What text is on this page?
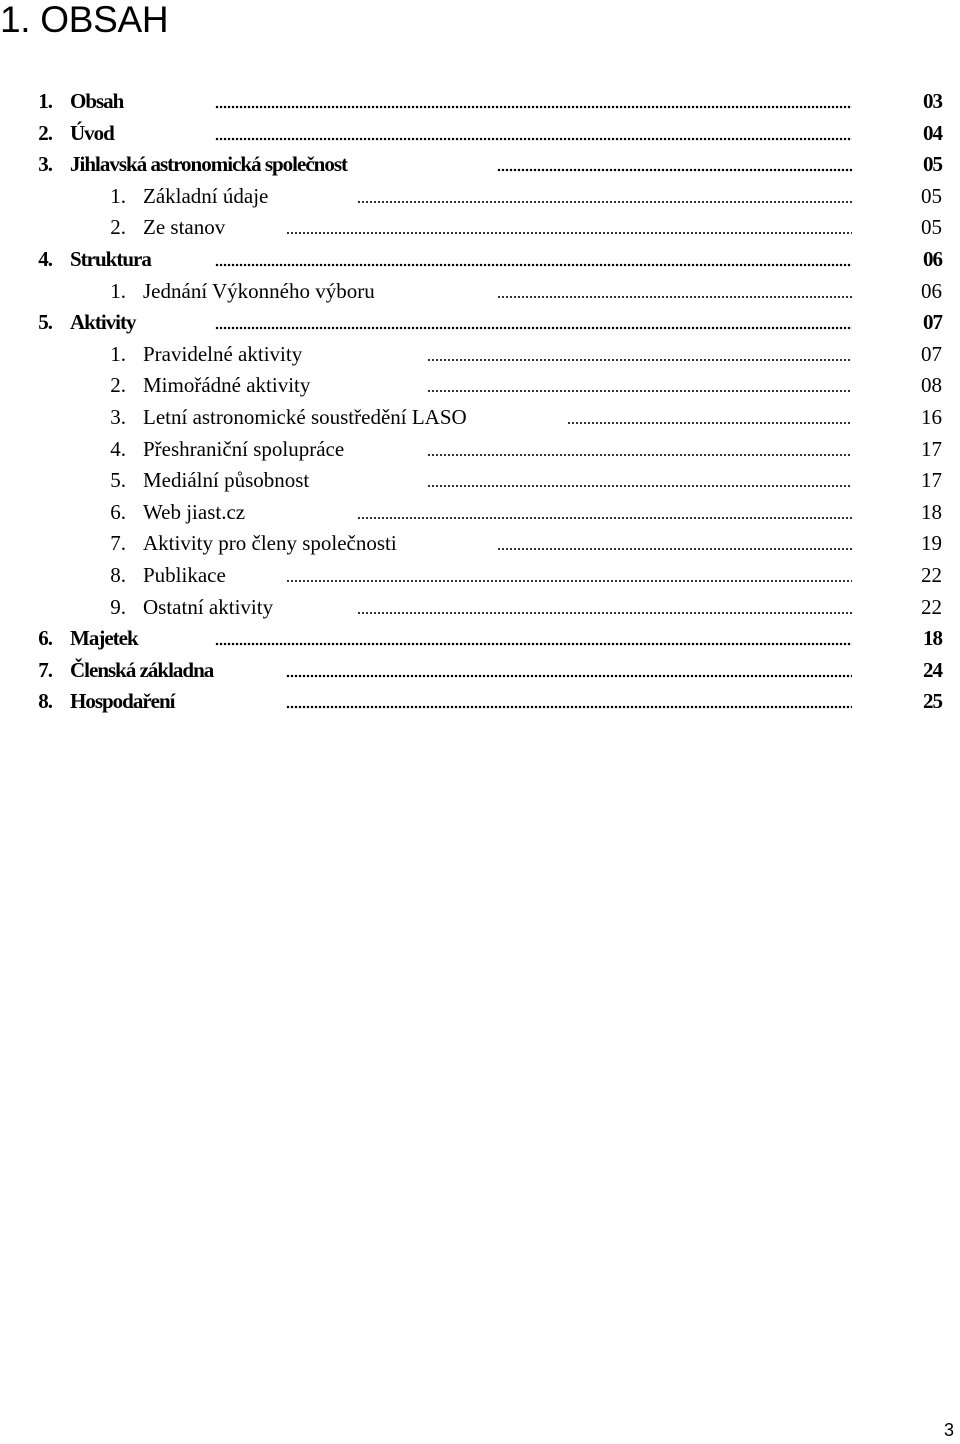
1. OBSAH
1. Obsah	03
2. Úvod	04
3. Jihlavská astronomická společnost	05
1. Základní údaje	05
2. Ze stanov	05
4. Struktura	06
1. Jednání Výkonného výboru	06
5. Aktivity	07
1. Pravidelné aktivity	07
2. Mimořádné aktivity	08
3. Letní astronomické soustředění LASO	16
4. Přeshraniční spolupráce	17
5. Mediální působnost	17
6. Web jiast.cz	18
7. Aktivity pro členy společnosti	19
8. Publikace	22
9. Ostatní aktivity	22
6. Majetek	18
7. Členská základna	24
8. Hospodaření	25
3
